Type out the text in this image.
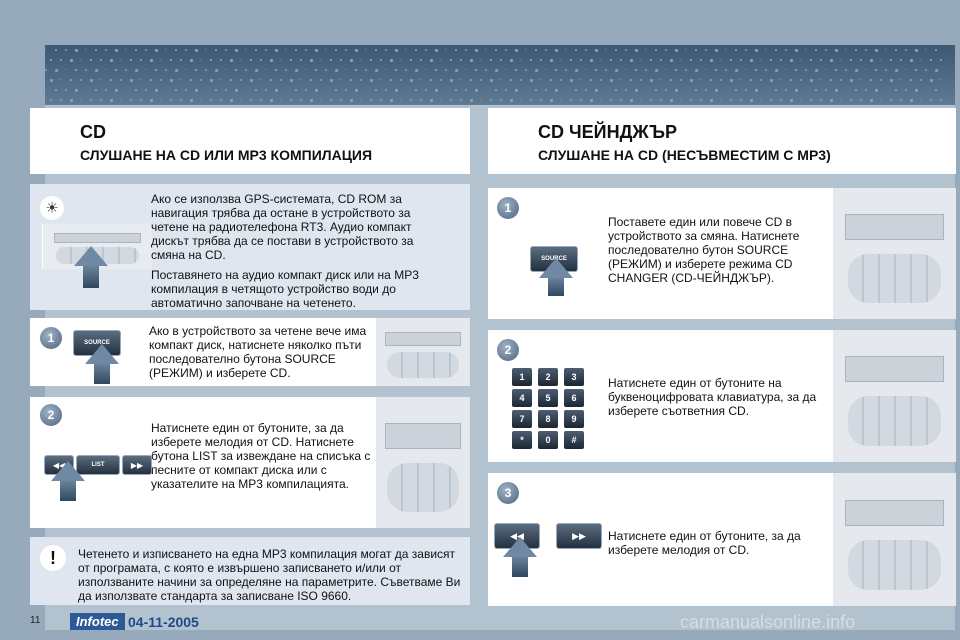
CD
СЛУШАНЕ НА CD ИЛИ MP3 КОМПИЛАЦИЯ
☀
Ако се използва GPS-системата, CD ROM за навигация трябва да остане в устройството за четене на радиотелефона RT3. Аудио компакт дискът трябва да се постави в устройството за смяна на CD.
Поставянето на аудио компакт диск или на MP3 компилация в четящото устройство води до автоматично започване на четенето.
1	SOURCE
Ако в устройството за четене вече има компакт диск, натиснете няколко пъти последователно бутона SOURCE (РЕЖИМ) и изберете CD.
2
LIST	▶▶
Натиснете един от бутоните, за да изберете мелодия от CD. Натиснете бутона LIST за извеждане на списъка с песните от компакт диска или с указателите на MP3 компилацията.
!	Четенето и изписването на една MP3 компилация могат да зависят от програмата, с която е извършено записването и/или от използваните начини за определяне на параметрите. Съветваме Ви да използвате стандарта за записване ISO 9660.
CD ЧЕЙНДЖЪР
СЛУШАНЕ НА CD (НЕСЪВМЕСТИМ С MP3)
1
Поставете един или повече CD в устройството за смяна. Натиснете последователно бутон SOURCE (РЕЖИМ) и изберете режима CD CHANGER (CD-ЧЕЙНДЖЪР).
2
1	2	3
4	5	6
7	8	9
*	0	#
Натиснете един от бутоните на буквеноцифровата клавиатура, за да изберете съответния CD.
3
◀◀	▶▶	Натиснете един от бутоните, за да изберете мелодия от CD.
11	Infotec 04-11-2005	carmanualsonline.info
